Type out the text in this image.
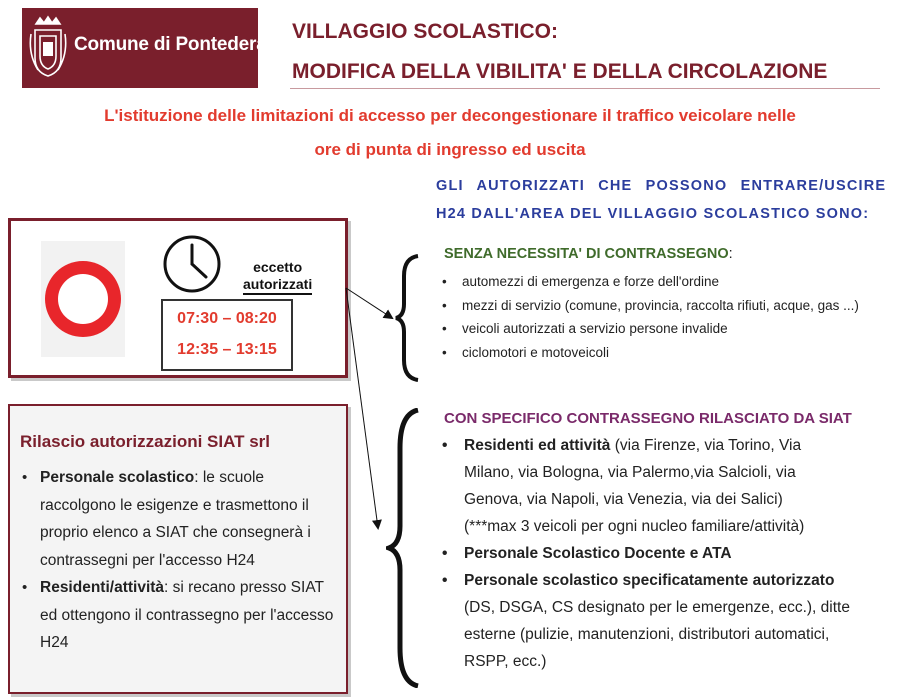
Comune di Pontedera
VILLAGGIO SCOLASTICO:
MODIFICA DELLA VIBILITA' E DELLA CIRCOLAZIONE
L'istituzione delle limitazioni di accesso per decongestionare il traffico veicolare nelle
ore di punta di ingresso ed uscita
GLI AUTORIZZATI CHE POSSONO ENTRARE/USCIRE
H24 DALL'AREA DEL VILLAGGIO SCOLASTICO SONO:
eccetto
autorizzati
07:30 – 08:20
12:35 – 13:15
Rilascio autorizzazioni SIAT srl
• Personale scolastico: le scuole raccolgono le esigenze e trasmettono il proprio elenco a SIAT che consegnerà i contrassegni per l'accesso H24
• Residenti/attività: si recano presso SIAT ed ottengono il contrassegno per l'accesso H24
SENZA NECESSITA' DI CONTRASSEGNO:
• automezzi di emergenza e forze dell'ordine
• mezzi di servizio (comune, provincia, raccolta rifiuti, acque, gas ...)
• veicoli autorizzati a servizio persone invalide
• ciclomotori e motoveicoli
CON SPECIFICO CONTRASSEGNO RILASCIATO DA SIAT
• Residenti ed attività (via Firenze, via Torino, Via Milano, via Bologna, via Palermo,via Salcioli, via Genova, via Napoli, via Venezia, via dei Salici)
(***max 3 veicoli per ogni nucleo familiare/attività)
• Personale Scolastico Docente e ATA
• Personale scolastico specificatamente autorizzato
(DS, DSGA, CS designato per le emergenze, ecc.), ditte esterne (pulizie, manutenzioni, distributori automatici, RSPP, ecc.)
